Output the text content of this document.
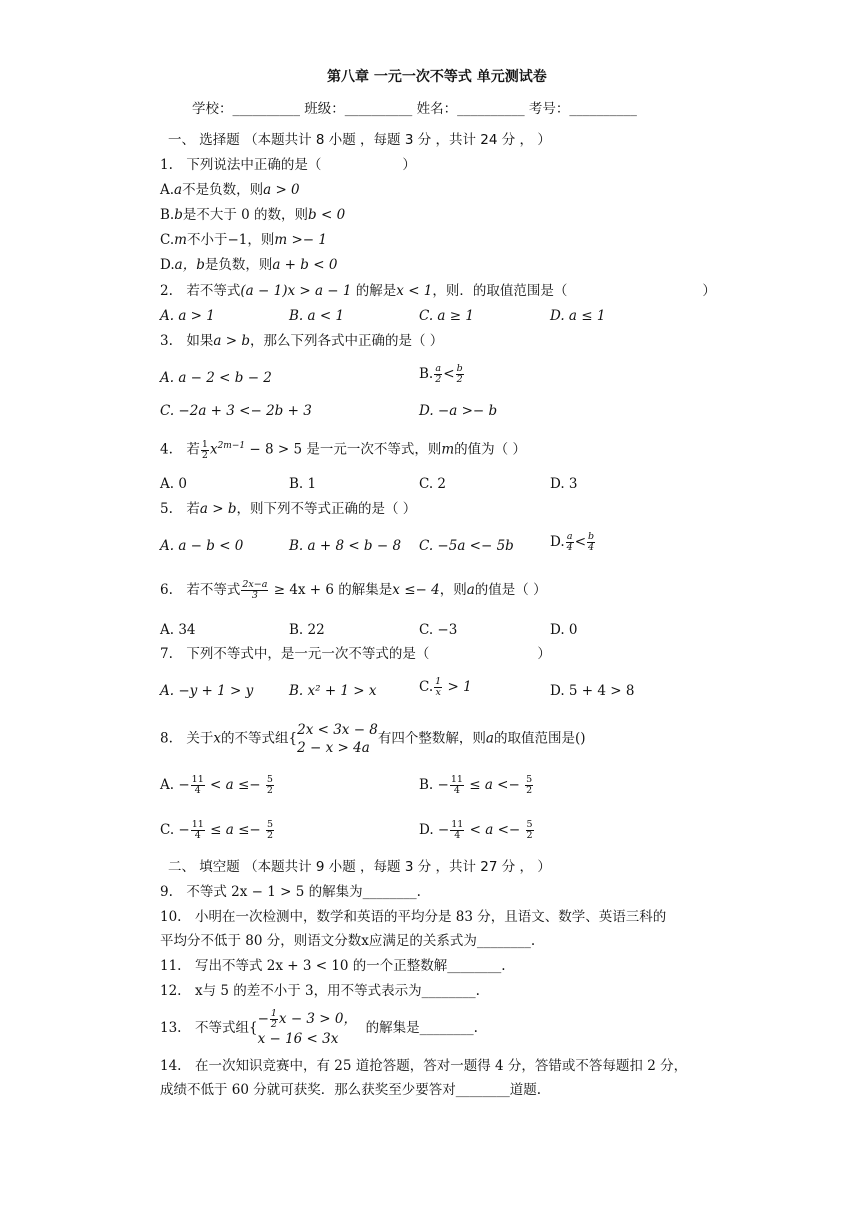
第八章 一元一次不等式 单元测试卷
学校：__________ 班级：__________ 姓名：__________ 考号：__________
一、 选择题 （本题共计 8 小题 ，每题 3 分 ，共计 24 分 ， ）
1.　下列说法中正确的是（　　　　　　）
A.a不是负数，则a > 0
B.b是不大于 0 的数，则b < 0
C.m不小于−1，则m >− 1
D.a，b是负数，则a + b < 0
2.　若不等式(a − 1)x > a − 1 的解是x < 1，则．的取值范围是（　　　　　　　　　　）
A. a > 1	B. a < 1	C. a ≥ 1	D. a ≤ 1
3.　如果a > b，那么下列各式中正确的是（ ）
A. a − 2 < b − 2	B. $\frac{a}{2} < \frac{b}{2}$
C. −2a + 3 <− 2b + 3	D. −a >− b
4.　若 $\frac{1}{2} x^{2m-1} - 8 > 5$ 是一元一次不等式，则m的值为（ ）
A. 0	B. 1	C. 2	D. 3
5.　若a > b，则下列不等式正确的是（ ）
A. a − b < 0	B. a + 8 < b − 8 C. −5a <− 5b	D. $\frac{a}{4} < \frac{b}{4}$
6.　若不等式 $\frac{2x-a}{3} \ge 4x + 6$ 的解集是x ≤− 4，则a的值是（ ）
A. 34	B. 22	C. −3	D. 0
7.　下列不等式中，是一元一次不等式的是（　　　　　　　　）
A. −y + 1 > y	B. x² + 1 > x	C. $\frac{1}{x} > 1$	D. 5 + 4 > 8
8.　关于x的不等式组{
2x < 3x − 8
2 − x > 4a
有四个整数解，则a的取值范围是()
A. − $\frac{11}{4} < a \le- \frac{5}{2}$	B. − $\frac{11}{4} \le a <- \frac{5}{2}$
C. − $\frac{11}{4} \le a \le- \frac{5}{2}$	D. − $\frac{11}{4} < a <- \frac{5}{2}$
二、 填空题 （本题共计 9 小题 ，每题 3 分 ，共计 27 分 ， ）
9.　不等式 2x − 1 > 5 的解集为________.
10.　小明在一次检测中，数学和英语的平均分是 83 分，且语文、数学、英语三科的
平均分不低于 80 分，则语文分数x应满足的关系式为________.
11.　写出不等式 2x + 3 < 10 的一个正整数解________.
12.　x与 5 的差不小于 3，用不等式表示为________.
13.　不等式组{
− $\frac{1}{2}$ x − 3 > 0，
x − 16 < 3x
的解集是________.
14.　在一次知识竞赛中，有 25 道抢答题，答对一题得 4 分，答错或不答每题扣 2 分，
成绩不低于 60 分就可获奖．那么获奖至少要答对________道题.
